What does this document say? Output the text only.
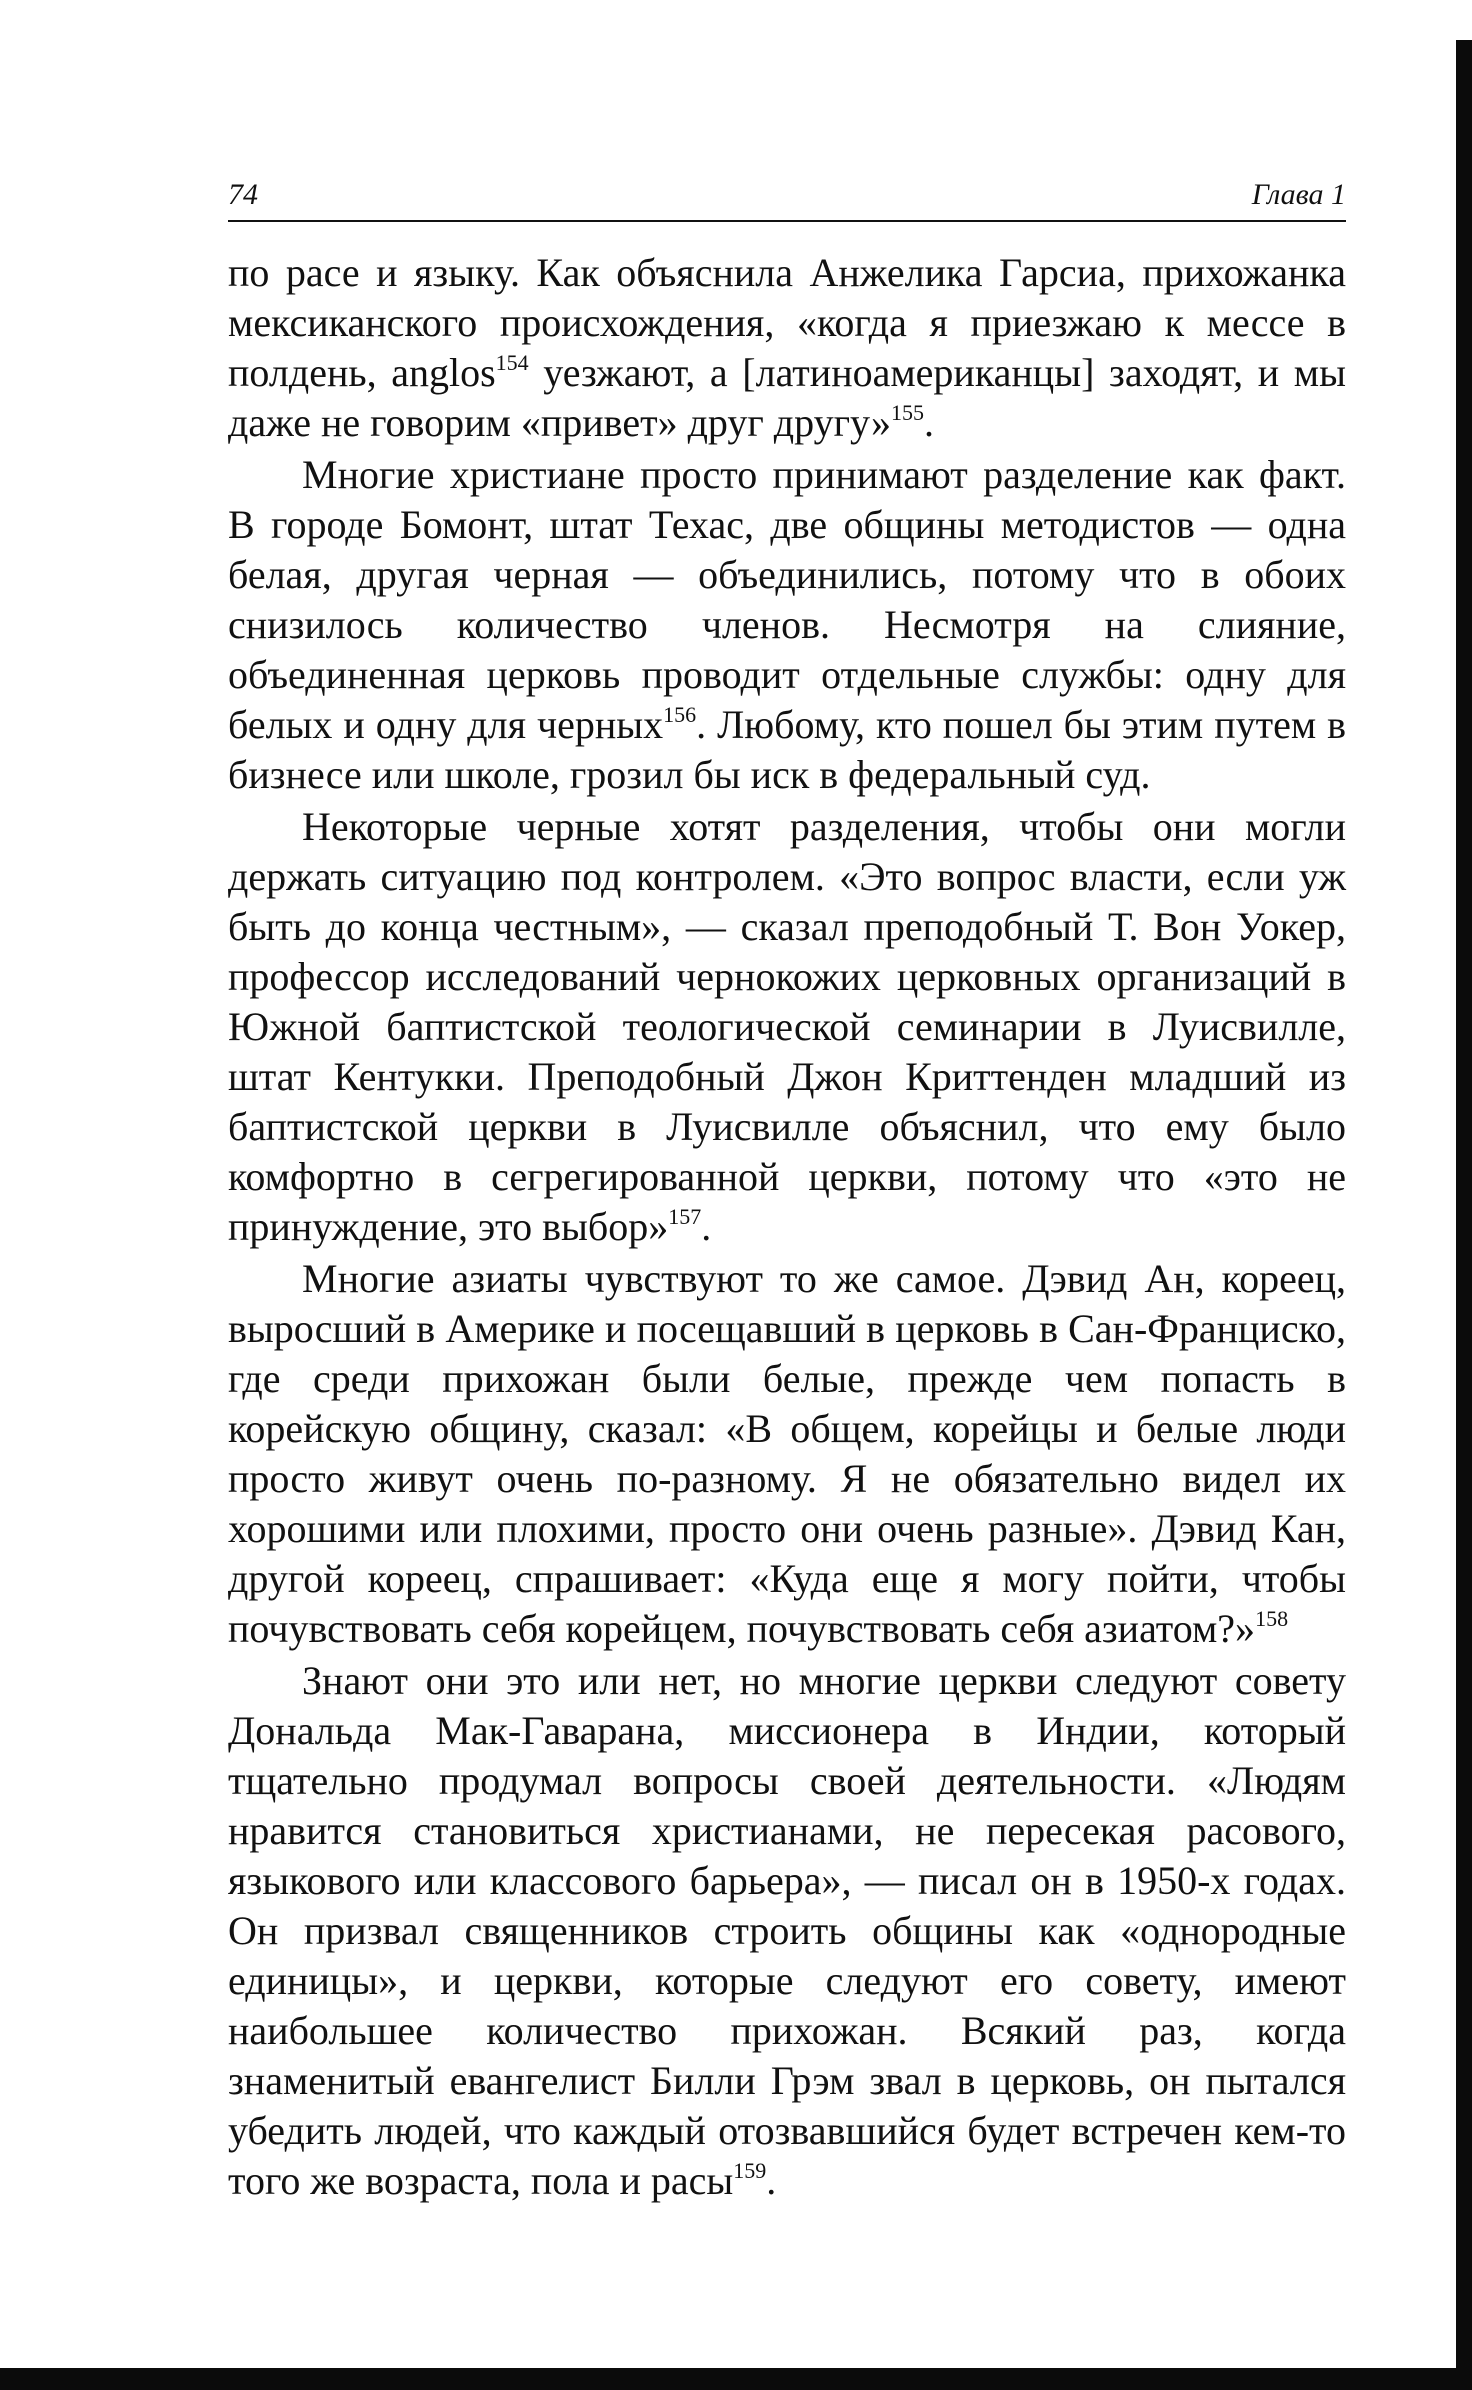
74	Глава 1

по расе и языку. Как объяснила Анжелика Гарсиа, прихожанка мексиканского происхождения, «когда я приезжаю к мессе в полдень, anglos$^{154}$ уезжают, а [латиноамериканцы] заходят, и мы даже не говорим «привет» друг другу»$^{155}$.

Многие христиане просто принимают разделение как факт. В городе Бомонт, штат Техас, две общины методистов — одна белая, другая черная — объединились, потому что в обоих снизилось количество членов. Несмотря на слияние, объединенная церковь проводит отдельные службы: одну для белых и одну для черных$^{156}$. Любому, кто пошел бы этим путем в бизнесе или школе, грозил бы иск в федеральный суд.

Некоторые черные хотят разделения, чтобы они могли держать ситуацию под контролем. «Это вопрос власти, если уж быть до конца честным», — сказал преподобный Т. Вон Уокер, профессор исследований чернокожих церковных организаций в Южной баптистской теологической семинарии в Луисвилле, штат Кентукки. Преподобный Джон Криттенден младший из баптистской церкви в Луисвилле объяснил, что ему было комфортно в сегрегированной церкви, потому что «это не принуждение, это выбор»$^{157}$.

Многие азиаты чувствуют то же самое. Дэвид Ан, кореец, выросший в Америке и посещавший в церковь в Сан-Франциско, где среди прихожан были белые, прежде чем попасть в корейскую общину, сказал: «В общем, корейцы и белые люди просто живут очень по-разному. Я не обязательно видел их хорошими или плохими, просто они очень разные». Дэвид Кан, другой кореец, спрашивает: «Куда еще я могу пойти, чтобы почувствовать себя корейцем, почувствовать себя азиатом?»$^{158}$

Знают они это или нет, но многие церкви следуют совету Дональда Мак-Гаварана, миссионера в Индии, который тщательно продумал вопросы своей деятельности. «Людям нравится становиться христианами, не пересекая расового, языкового или классового барьера», — писал он в 1950-х годах. Он призвал священников строить общины как «однородные единицы», и церкви, которые следуют его совету, имеют наибольшее количество прихожан. Всякий раз, когда знаменитый евангелист Билли Грэм звал в церковь, он пытался убедить людей, что каждый отозвавшийся будет встречен кем-то того же возраста, пола и расы$^{159}$.
